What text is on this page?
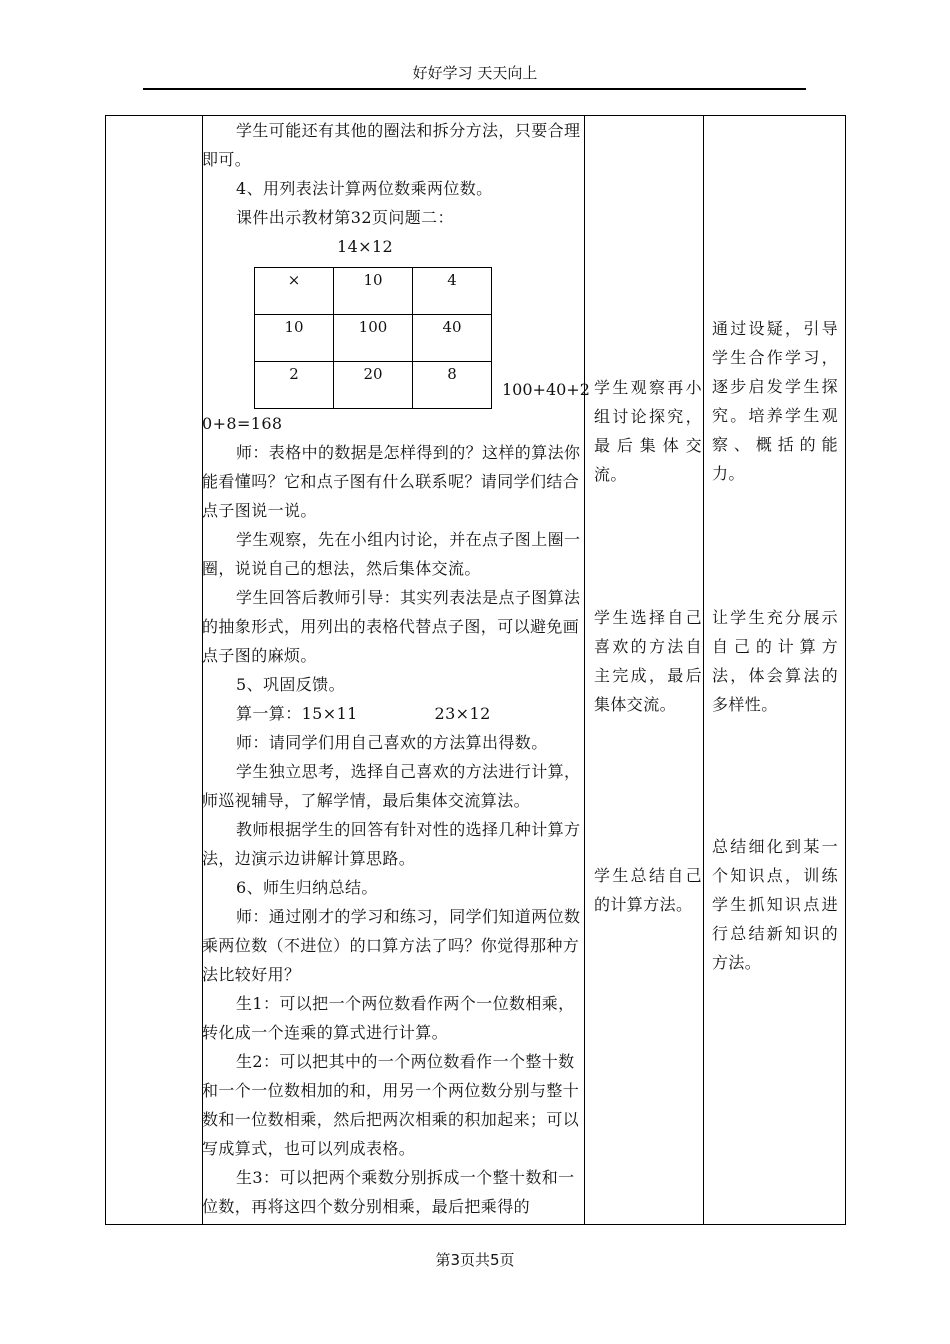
好好学习 天天向上

学生可能还有其他的圈法和拆分方法，只要合理即可。

4、用列表法计算两位数乘两位数。

课件出示教材第32页问题二：

14×12

×	10	4
10	100	40
2	20	8
100+40+2

0+8=168

师：表格中的数据是怎样得到的？这样的算法你能看懂吗？它和点子图有什么联系呢？请同学们结合点子图说一说。

学生观察，先在小组内讨论，并在点子图上圈一圈，说说自己的想法，然后集体交流。

学生回答后教师引导：其实列表法是点子图算法的抽象形式，用列出的表格代替点子图，可以避免画点子图的麻烦。

5、巩固反馈。

算一算：15×11              23×12

师：请同学们用自己喜欢的方法算出得数。

学生独立思考，选择自己喜欢的方法进行计算，师巡视辅导，了解学情，最后集体交流算法。

教师根据学生的回答有针对性的选择几种计算方法，边演示边讲解计算思路。

6、师生归纳总结。

师：通过刚才的学习和练习，同学们知道两位数乘两位数（不进位）的口算方法了吗？你觉得那种方法比较好用？

生1：可以把一个两位数看作两个一位数相乘，转化成一个连乘的算式进行计算。

生2：可以把其中的一个两位数看作一个整十数和一个一位数相加的和，用另一个两位数分别与整十数和一位数相乘，然后把两次相乘的积加起来；可以写成算式，也可以列成表格。

生3：可以把两个乘数分别拆成一个整十数和一位数，再将这四个数分别相乘，最后把乘得的

学生观察再小组讨论探究，最后集体交流。

学生选择自己喜欢的方法自主完成，最后集体交流。

学生总结自己的计算方法。

通过设疑，引导学生合作学习，逐步启发学生探究。培养学生观察、概括的能力。

让学生充分展示自己的计算方法，体会算法的多样性。

总结细化到某一个知识点，训练学生抓知识点进行总结新知识的方法。

第3页共5页
